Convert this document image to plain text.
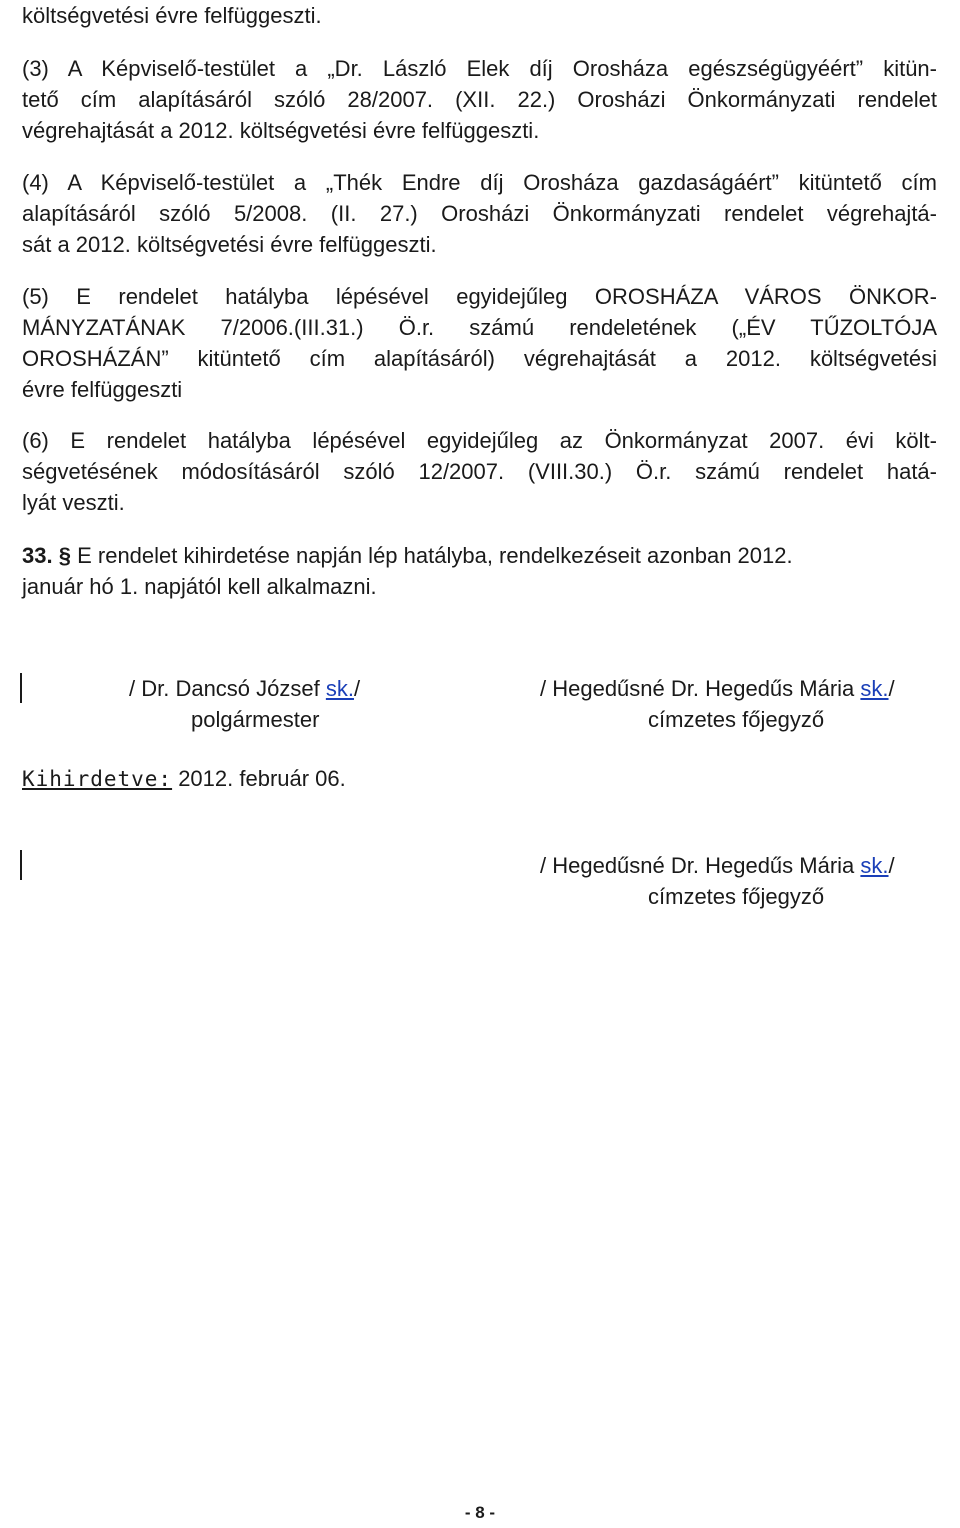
költségvetési évre felfüggeszti.
(3) A Képviselő-testület a „Dr. László Elek díj Orosháza egészségügyéért” kitün-
tető cím alapításáról szóló 28/2007. (XII. 22.) Orosházi Önkormányzati rendelet
végrehajtását a 2012. költségvetési évre felfüggeszti.
(4) A Képviselő-testület a „Thék Endre díj Orosháza gazdaságáért” kitüntető cím
alapításáról szóló 5/2008. (II. 27.) Orosházi Önkormányzati rendelet végrehajtá-
sát a 2012. költségvetési évre felfüggeszti.
(5) E rendelet hatályba lépésével egyidejűleg OROSHÁZA VÁROS ÖNKOR-
MÁNYZATÁNAK 7/2006.(III.31.) Ö.r. számú rendeletének („ÉV TŰZOLTÓJA
OROSHÁZÁN” kitüntető cím alapításáról) végrehajtását a 2012. költségvetési
évre felfüggeszti
(6) E rendelet hatályba lépésével egyidejűleg az Önkormányzat 2007. évi költ-
ségvetésének módosításáról szóló 12/2007. (VIII.30.) Ö.r. számú rendelet hatá-
lyát veszti.
33. § E rendelet kihirdetése napján lép hatályba, rendelkezéseit azonban 2012.
január hó 1. napjától kell alkalmazni.
/ Dr. Dancsó József sk./
polgármester
/ Hegedűsné Dr. Hegedűs Mária sk./
címzetes főjegyző
Kihirdetve: 2012. február 06.
/ Hegedűsné Dr. Hegedűs Mária sk./
címzetes főjegyző
- 8 -
